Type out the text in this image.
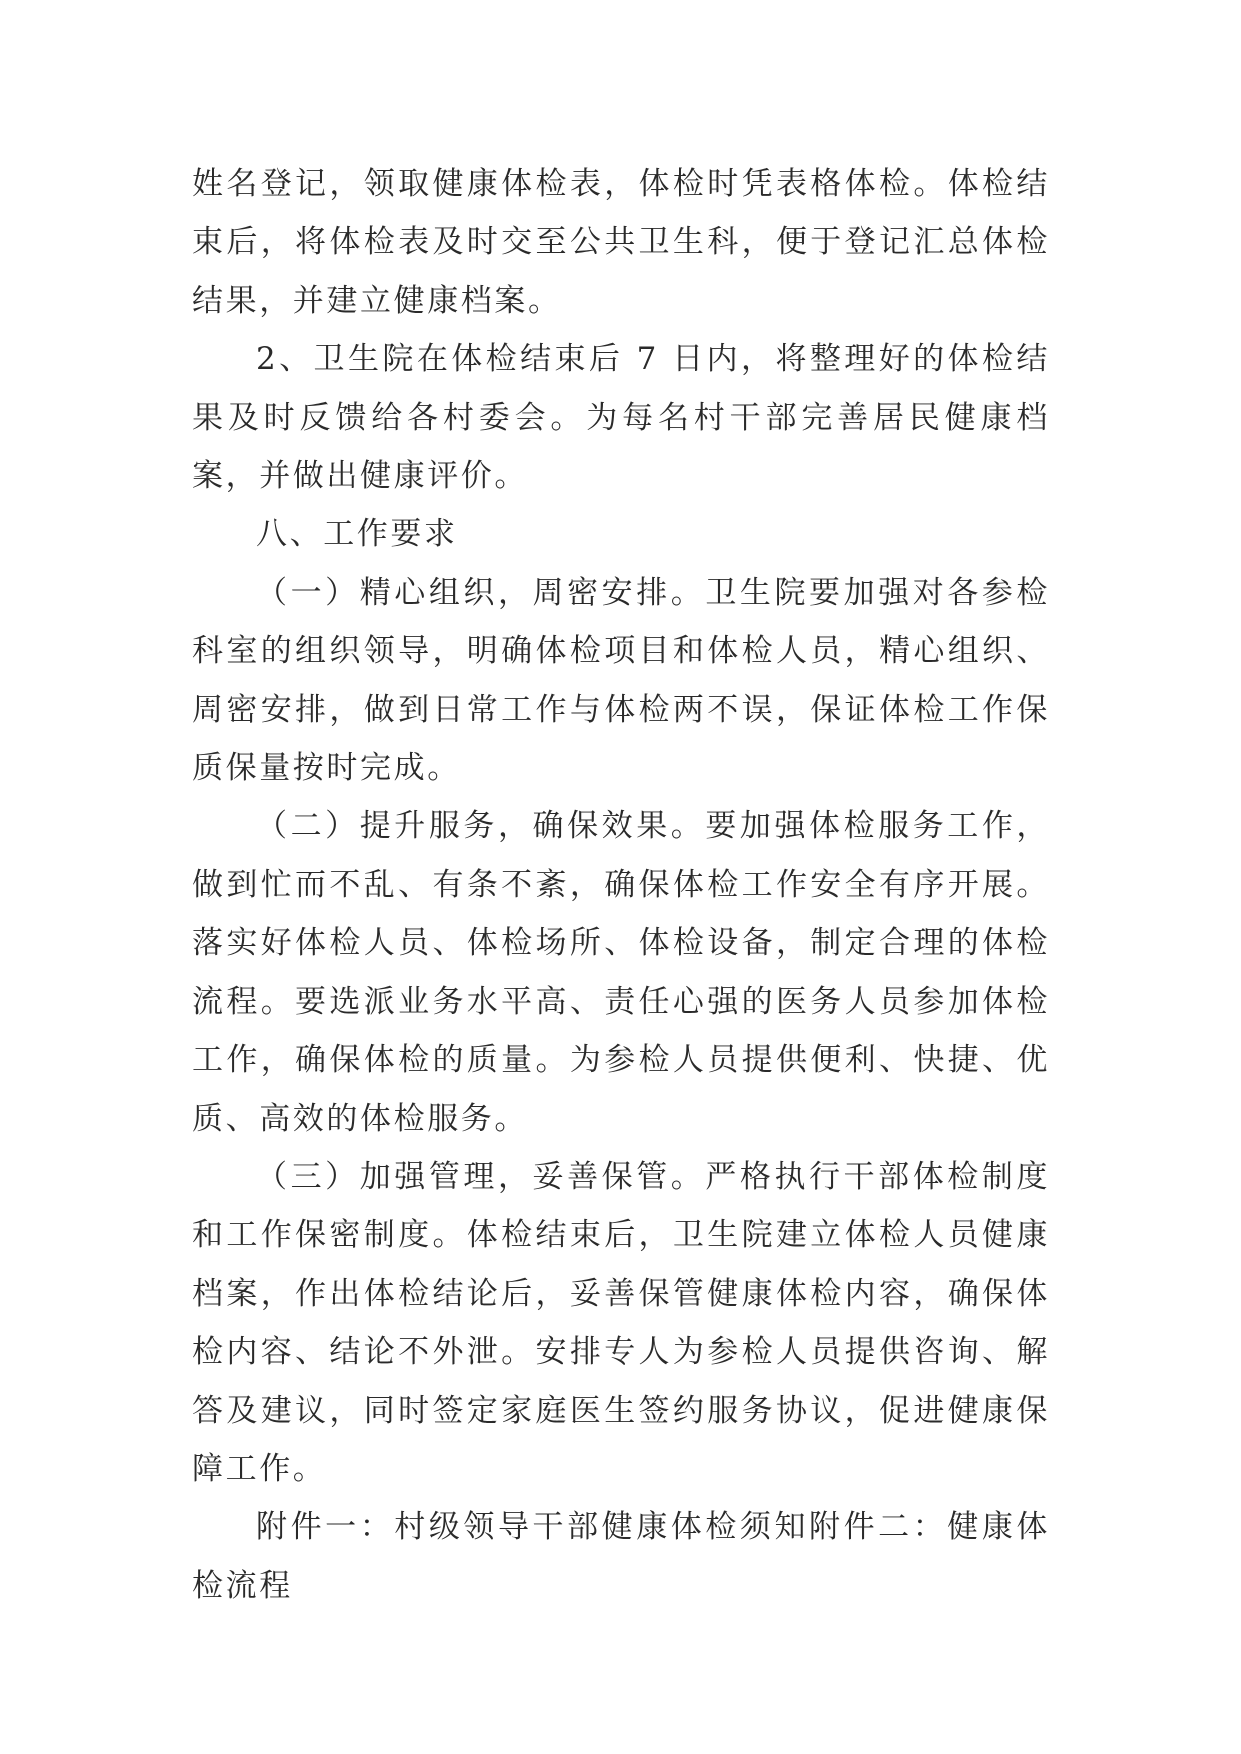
姓名登记，领取健康体检表，体检时凭表格体检。体检结束后，将体检表及时交至公共卫生科，便于登记汇总体检结果，并建立健康档案。

2、卫生院在体检结束后 7 日内，将整理好的体检结果及时反馈给各村委会。为每名村干部完善居民健康档案，并做出健康评价。

八、工作要求

（一）精心组织，周密安排。卫生院要加强对各参检科室的组织领导，明确体检项目和体检人员，精心组织、周密安排，做到日常工作与体检两不误，保证体检工作保质保量按时完成。

（二）提升服务，确保效果。要加强体检服务工作，做到忙而不乱、有条不紊，确保体检工作安全有序开展。落实好体检人员、体检场所、体检设备，制定合理的体检流程。要选派业务水平高、责任心强的医务人员参加体检工作，确保体检的质量。为参检人员提供便利、快捷、优质、高效的体检服务。

（三）加强管理，妥善保管。严格执行干部体检制度和工作保密制度。体检结束后，卫生院建立体检人员健康档案，作出体检结论后，妥善保管健康体检内容，确保体检内容、结论不外泄。安排专人为参检人员提供咨询、解答及建议，同时签定家庭医生签约服务协议，促进健康保障工作。

附件一：村级领导干部健康体检须知附件二：健康体检流程
